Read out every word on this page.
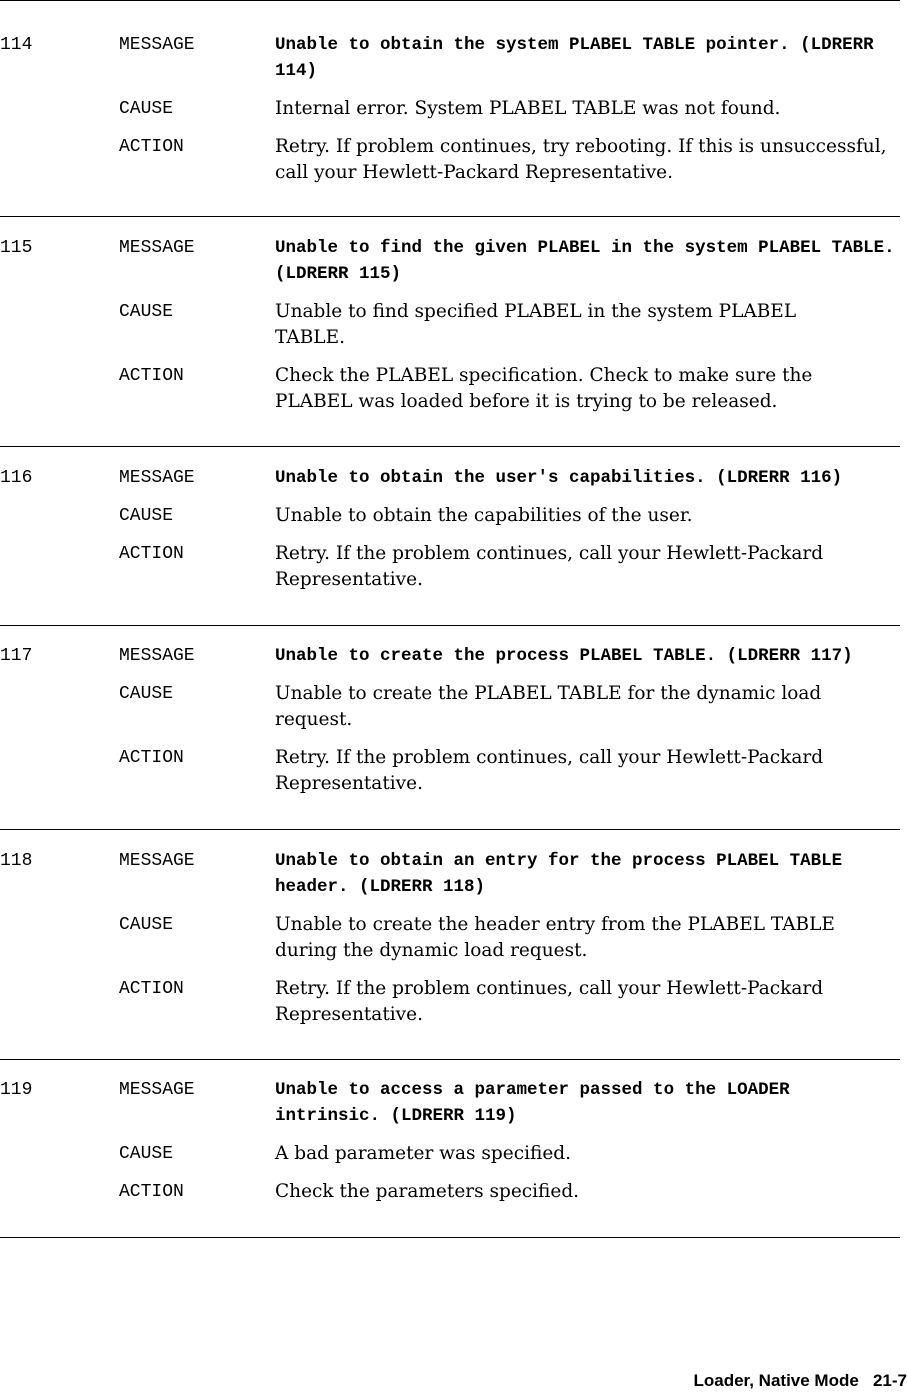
114	MESSAGE	Unable to obtain the system PLABEL TABLE pointer. (LDRERR 114)
CAUSE	Internal error. System PLABEL TABLE was not found.
ACTION	Retry. If problem continues, try rebooting. If this is unsuccessful, call your Hewlett-Packard Representative.
115	MESSAGE	Unable to find the given PLABEL in the system PLABEL TABLE. (LDRERR 115)
CAUSE	Unable to find specified PLABEL in the system PLABEL TABLE.
ACTION	Check the PLABEL specification. Check to make sure the PLABEL was loaded before it is trying to be released.
116	MESSAGE	Unable to obtain the user's capabilities. (LDRERR 116)
CAUSE	Unable to obtain the capabilities of the user.
ACTION	Retry. If the problem continues, call your Hewlett-Packard Representative.
117	MESSAGE	Unable to create the process PLABEL TABLE. (LDRERR 117)
CAUSE	Unable to create the PLABEL TABLE for the dynamic load request.
ACTION	Retry. If the problem continues, call your Hewlett-Packard Representative.
118	MESSAGE	Unable to obtain an entry for the process PLABEL TABLE header. (LDRERR 118)
CAUSE	Unable to create the header entry from the PLABEL TABLE during the dynamic load request.
ACTION	Retry. If the problem continues, call your Hewlett-Packard Representative.
119	MESSAGE	Unable to access a parameter passed to the LOADER intrinsic. (LDRERR 119)
CAUSE	A bad parameter was specified.
ACTION	Check the parameters specified.
Loader, Native Mode   21-7
